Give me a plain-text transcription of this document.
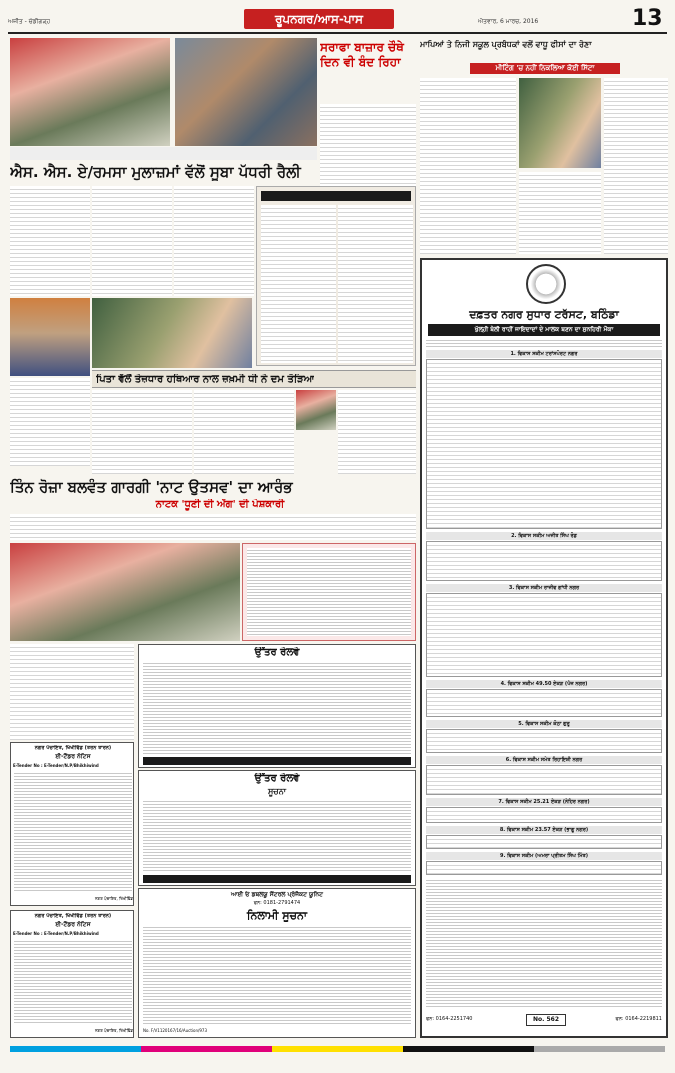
ਅਜੀਤ - ਚੰਡੀਗੜ੍ਹ	ਰੂਪਨਗਰ/ਆਸ-ਪਾਸ	ਐਤਵਾਰ, 6 ਮਾਰਚ, 2016	13
ਸਰਾਫਾ ਬਾਜ਼ਾਰ ਚੌਥੇ ਦਿਨ ਵੀ ਬੰਦ ਰਿਹਾ
ਮਾਪਿਆਂ ਤੇ ਨਿਜੀ ਸਕੂਲ ਪ੍ਰਬੰਧਕਾਂ ਵਲੋਂ ਵਾਧੂ ਫੀਸਾਂ ਦਾ ਰੋਣਾ
ਮੀਟਿੰਗ 'ਚ ਨਹੀਂ ਨਿਕਲਿਆ ਕੋਈ ਸਿੱਟਾ
ਐਸ. ਐਸ. ਏ/ਰਮਸਾ ਮੁਲਾਜ਼ਮਾਂ ਵੱਲੋਂ ਸੂਬਾ ਪੱਧਰੀ ਰੈਲੀ
ਪਿਤਾ ਵੱਲੋਂ ਤੇਜ਼ਧਾਰ ਹਥਿਆਰ ਨਾਲ ਜ਼ਖ਼ਮੀ ਧੀ ਨੇ ਦਮ ਤੋੜਿਆ
ਤਿੰਨ ਰੋਜ਼ਾ ਬਲਵੰਤ ਗਾਰਗੀ 'ਨਾਟ ਉਤਸਵ' ਦਾ ਆਰੰਭ
ਨਾਟਕ 'ਧੂਣੀ ਦੀ ਅੱਗ' ਦੀ ਪੇਸ਼ਕਾਰੀ
ਉੱਤਰ ਰੇਲਵੇ
ਨਗਰ ਪੰਚਾਇਤ, ਖਿੱਖੀਵਿੰਡ (ਤਰਨ ਤਾਰਨ)
ਈ-ਟੈਂਡਰ ਨੋਟਿਸ
E-Tender No : E-Tender/N.P/Bhikhiwind
ਨਗਰ ਪੰਚਾਇਤ, ਖਿੱਖੀਵਿੰਡ
ਉੱਤਰ ਰੇਲਵੇ
ਸੂਚਨਾ
ਆਈ ਓ ਡਬਲਯੂ ਸੈਂਟਰਲ ਪ੍ਰੋਜੈਕਟ ਯੂਨਿਟ
ਫੋਨ: 0181-2791474
ਨਿਲਾਮੀ ਸੂਚਨਾ
No. F/V1120167/16/Auction/973
ਨਗਰ ਪੰਚਾਇਤ, ਖਿੱਖੀਵਿੰਡ (ਤਰਨ ਤਾਰਨ)
ਈ-ਟੈਂਡਰ ਨੋਟਿਸ
E-Tender No : E-Tender/N.P/Bhikhiwind
ਨਗਰ ਪੰਚਾਇਤ, ਖਿੱਖੀਵਿੰਡ
ਦਫ਼ਤਰ ਨਗਰ ਸੁਧਾਰ ਟਰੱਸਟ, ਬਠਿੰਡਾ
ਖੁੱਲ੍ਹੀ ਬੋਲੀ ਰਾਹੀਂ ਜਾਇਦਾਦਾਂ ਦੇ ਮਾਲਕ ਬਣਨ ਦਾ ਸੁਨਹਿਰੀ ਮੌਕਾ
1. ਵਿਕਾਸ ਸਕੀਮ ਟਰਾਂਸਪੋਰਟ ਨਗਰ
2. ਵਿਕਾਸ ਸਕੀਮ ਅਜੀਤ ਸਿੰਘ ਰੋਡ
3. ਵਿਕਾਸ ਸਕੀਮ ਰਾਜੀਵ ਗਾਂਧੀ ਨਗਰ
4. ਵਿਕਾਸ ਸਕੀਮ 49.50 ਏਕੜ (ਪੰਜ ਨਗਰ)
5. ਵਿਕਾਸ ਸਕੀਮ ਕੋਠਾ ਗੁਰੂ
6. ਵਿਕਾਸ ਸਕੀਮ ਸਮੇਤ ਰਿਹਾਇਸ਼ੀ ਨਗਰ
7. ਵਿਕਾਸ ਸਕੀਮ 25.21 ਏਕੜ (ਨੇਹਿਰ ਨਗਰ)
8. ਵਿਕਾਸ ਸਕੀਮ 23.57 ਏਕੜ (ਭਾਗੂ ਨਗਰ)
9. ਵਿਕਾਸ ਸਕੀਮ (ਅਮਰਾ ਪ੍ਰੀਤਮ ਸਿੰਘ ਮਿੱਤ)
ਫੋਨ: 0164-2251740	No. 562	ਫੋਨ: 0164-2219811
